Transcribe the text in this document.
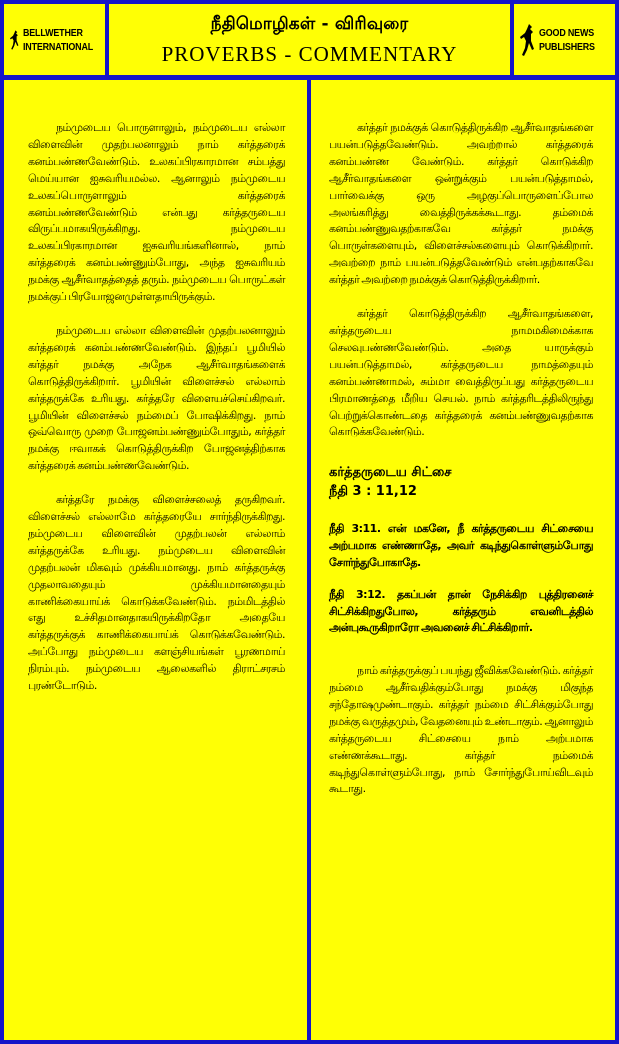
BELLWETHER
INTERNATIONAL
நீதிமொழிகள் - விரிவுரை
PROVERBS - COMMENTARY
GOOD NEWS
PUBLISHERS

நம்முடைய பொருளாலும், நம்முடைய எல்லா விளைவின் முதற்பலனாலும் நாம் கர்த்தரைக் கனம்பண்ணவேண்டும். உலகப்பிரகாரமான சம்பத்து மெய்யான ஐசுவரியமல்ல. ஆனாலும் நம்முடைய உலகப்பொருளாலும் கர்த்தரைக் கனம்பண்ணவேண்டும் என்பது கர்த்தருடைய விருப்பமாகயிருக்கிறது. நம்முடைய உலகப்பிரகாரமான ஐசுவரியங்களினால், நாம் கர்த்தரைக் கனம்பண்ணும்போது, அந்த ஐசுவரியம் நமக்கு ஆசீர்வாதத்தைத் தரும். நம்முடைய பொருட்கள் நமக்குப் பிரயோஜனமுள்ளதாயிருக்கும்.

நம்முடைய எல்லா விளைவின் முதற்பலனாலும் கர்த்தரைக் கனம்பண்ணவேண்டும். இந்தப் பூமியில் கர்த்தர் நமக்கு அநேக ஆசீர்வாதங்களைக் கொடுத்திருக்கிறார். பூமியின் விளைச்சல் எல்லாம் கர்த்தருக்கே உரியது. கர்த்தரே விளையச்செய்கிறவர். பூமியின் விளைச்சல் நம்மைப் போஷிக்கிறது. நாம் ஒவ்வொரு முறை போஜனம்பண்ணும்போதும், கர்த்தர் நமக்கு ஈவாகக் கொடுத்திருக்கிற போஜனத்திற்காக கர்த்தரைக் கனம்பண்ணவேண்டும்.

கர்த்தரே நமக்கு விளைச்சலைத் தருகிறவர். விளைச்சல் எல்லாமே கர்த்தரையே சார்ந்திருக்கிறது. நம்முடைய விளைவின் முதற்பலன் எல்லாம் கர்த்தருக்கே உரியது. நம்முடைய விளைவின் முதற்பலன் மிகவும் முக்கியமானது. நாம் கர்த்தருக்கு முதலாவதையும் முக்கியமானதையும் காணிக்கையாய்க் கொடுக்கவேண்டும். நம்மிடத்தில் எது உச்சிதமானதாகயிருக்கிறதோ அதையே கர்த்தருக்குக் காணிக்கையாய்க் கொடுக்கவேண்டும். அப்போது நம்முடைய களஞ்சியங்கள் பூரணமாய் நிரம்பும். நம்முடைய ஆலைகளில் திராட்சரசம் புரண்டோடும்.

கர்த்தர் நமக்குக் கொடுத்திருக்கிற ஆசீர்வாதங்களை பயன்படுத்தவேண்டும். அவற்றால் கர்த்தரைக் கனம்பண்ண வேண்டும். கர்த்தர் கொடுக்கிற ஆசீர்வாதங்களை ஒன்றுக்கும் பயன்படுத்தாமல், பார்வைக்கு ஒரு அழகுப்பொருளைப்போல அலங்கரித்து வைத்திருக்கக்கூடாது. தம்மைக் கனம்பண்ணுவதற்காகவே கர்த்தர் நமக்கு பொருள்களையும், விளைச்சல்களையும் கொடுக்கிறார். அவற்றை நாம் பயன்படுத்தவேண்டும் என்பதற்காகவே கர்த்தர் அவற்றை நமக்குக் கொடுத்திருக்கிறார்.

கர்த்தர் கொடுத்திருக்கிற ஆசீர்வாதங்களை, கர்த்தருடைய நாமமகிமைக்காக செலவுபண்ணவேண்டும். அதை யாருக்கும் பயன்படுத்தாமல், கர்த்தருடைய நாமத்தையும் கனம்பண்ணாமல், சும்மா வைத்திருப்பது கர்த்தருடைய பிரமாணத்தை மீறிய செயல். நாம் கர்த்தரிடத்திலிருந்து பெற்றுக்கொண்டதை கர்த்தரைக் கனம்பண்ணுவதற்காக கொடுக்கவேண்டும்.

கர்த்தருடைய சிட்சை
நீதி 3 : 11,12
நீதி 3:11. என் மகனே, நீ கர்த்தருடைய சிட்சையை அற்பமாக எண்ணாதே, அவர் கடிந்துகொள்ளும்போது சோர்ந்துபோகாதே.
நீதி 3:12. தகப்பன் தான் நேசிக்கிற புத்திரனைச் சிட்சிக்கிறதுபோல, கர்த்தரும் எவனிடத்தில் அன்புகூருகிறாரோ அவனைச் சிட்சிக்கிறார்.

நாம் கர்த்தருக்குப் பயந்து ஜீவிக்கவேண்டும். கர்த்தர் நம்மை ஆசீர்வதிக்கும்போது நமக்கு மிகுந்த சந்தோஷமுண்டாகும். கர்த்தர் நம்மை சிட்சிக்கும்போது நமக்கு வருத்தமும், வேதனையும் உண்டாகும். ஆனாலும் கர்த்தருடைய சிட்சையை நாம் அற்பமாக எண்ணக்கூடாது. கர்த்தர் நம்மைக் கடிந்துகொள்ளும்போது, நாம் சோர்ந்துபோய்விடவும் கூடாது.
